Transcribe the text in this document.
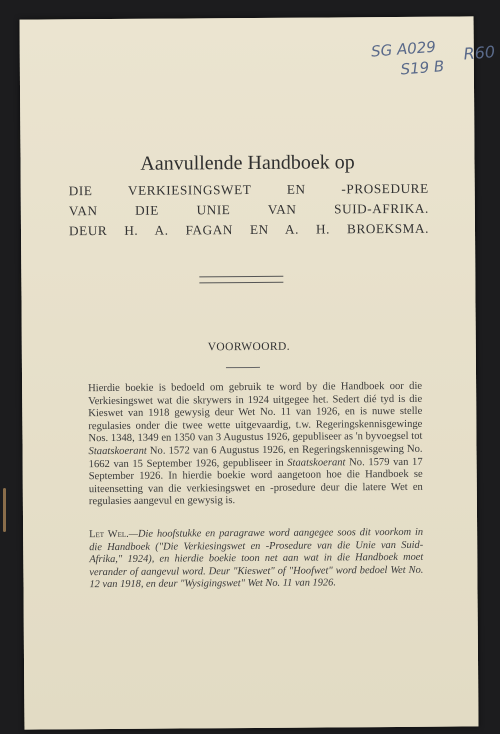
SG A029
S19 B
R60
Aanvullende Handboek op
DIE VERKIESINGSWET EN -PROSEDURE
VAN DIE UNIE VAN SUID-AFRIKA.
DEUR H. A. FAGAN EN A. H. BROEKSMA.
VOORWOORD.
Hierdie boekie is bedoeld om gebruik te word by die Handboek oor die Verkiesingswet wat die skrywers in 1924 uitgegee het. Sedert dié tyd is die Kieswet van 1918 gewysig deur Wet No. 11 van 1926, en is nuwe stelle regulasies onder die twee wette uitgevaardig, t.w. Regeringskennisgewinge Nos. 1348, 1349 en 1350 van 3 Augustus 1926, gepubliseer as 'n byvoegsel tot Staatskoerant No. 1572 van 6 Augustus 1926, en Regeringskennisgewing No. 1662 van 15 September 1926, gepubliseer in Staatskoerant No. 1579 van 17 September 1926. In hierdie boekie word aangetoon hoe die Handboek se uiteensetting van die verkiesingswet en -prosedure deur die latere Wet en regulasies aangevul en gewysig is.
Let Wel.—Die hoofstukke en paragrawe word aangegee soos dit voorkom in die Handboek ("Die Verkiesingswet en -Prosedure van die Unie van Suid-Afrika," 1924), en hierdie boekie toon net aan wat in die Handboek moet verander of aangevul word. Deur "Kieswet" of "Hoofwet" word bedoel Wet No. 12 van 1918, en deur "Wysigingswet" Wet No. 11 van 1926.
